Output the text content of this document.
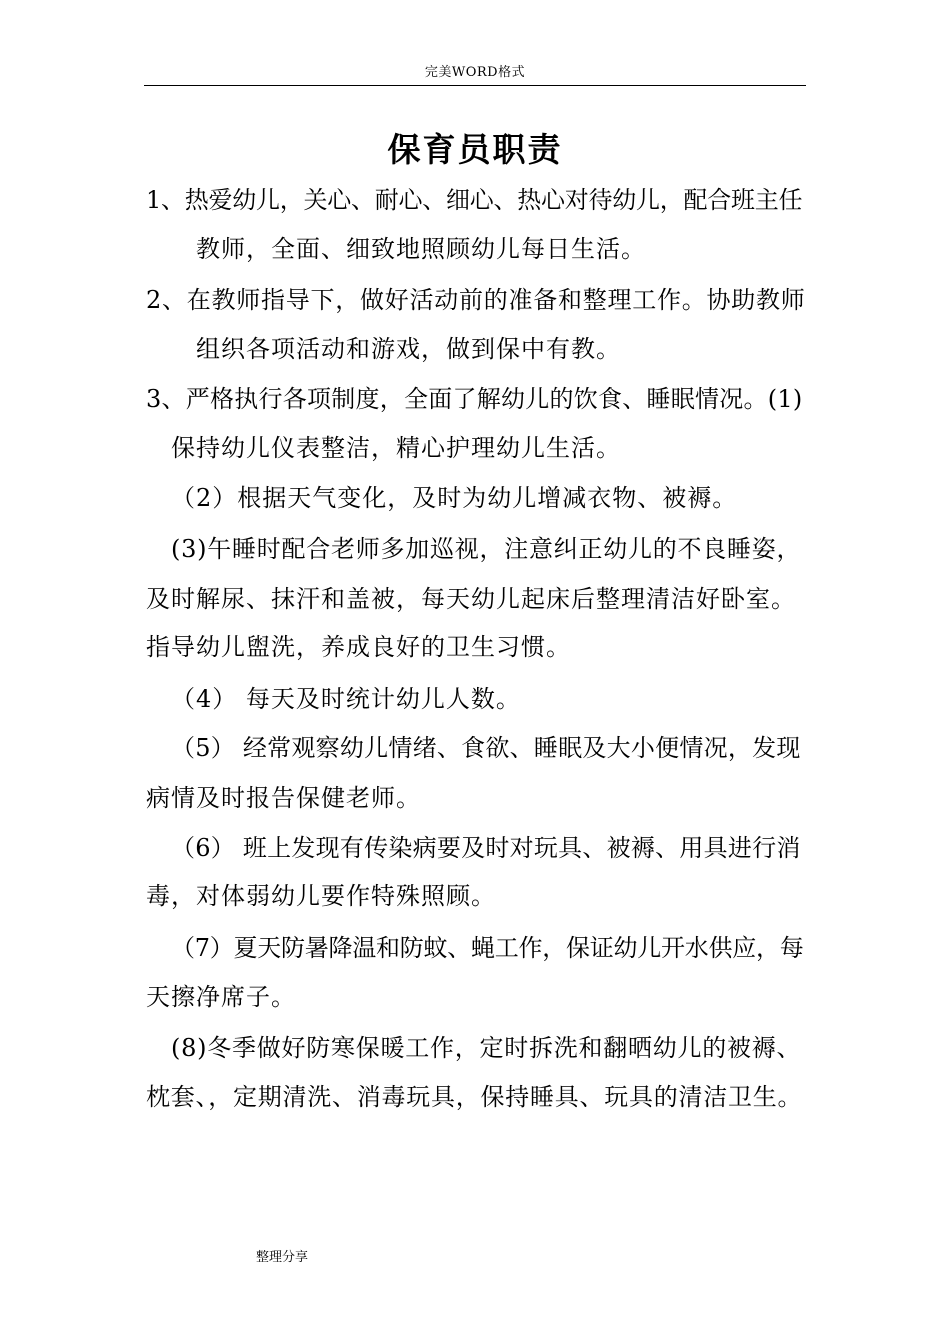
完美WORD格式
保育员职责
1、热爱幼儿，关心、耐心、细心、热心对待幼儿，配合班主任
教师，全面、细致地照顾幼儿每日生活。
2、在教师指导下，做好活动前的准备和整理工作。协助教师
组织各项活动和游戏，做到保中有教。
3、严格执行各项制度，全面了解幼儿的饮食、睡眠情况。(1)
保持幼儿仪表整洁，精心护理幼儿生活。
（2）根据天气变化，及时为幼儿增减衣物、被褥。
(3)午睡时配合老师多加巡视，注意纠正幼儿的不良睡姿，
及时解尿、抹汗和盖被，每天幼儿起床后整理清洁好卧室。
指导幼儿盥洗，养成良好的卫生习惯。
（4） 每天及时统计幼儿人数。
（5） 经常观察幼儿情绪、食欲、睡眠及大小便情况，发现
病情及时报告保健老师。
（6） 班上发现有传染病要及时对玩具、被褥、用具进行消
毒，对体弱幼儿要作特殊照顾。
（7）夏天防暑降温和防蚊、蝇工作，保证幼儿开水供应，每
天擦净席子。
(8)冬季做好防寒保暖工作，定时拆洗和翻晒幼儿的被褥、
枕套、，定期清洗、消毒玩具，保持睡具、玩具的清洁卫生。
整理分享
